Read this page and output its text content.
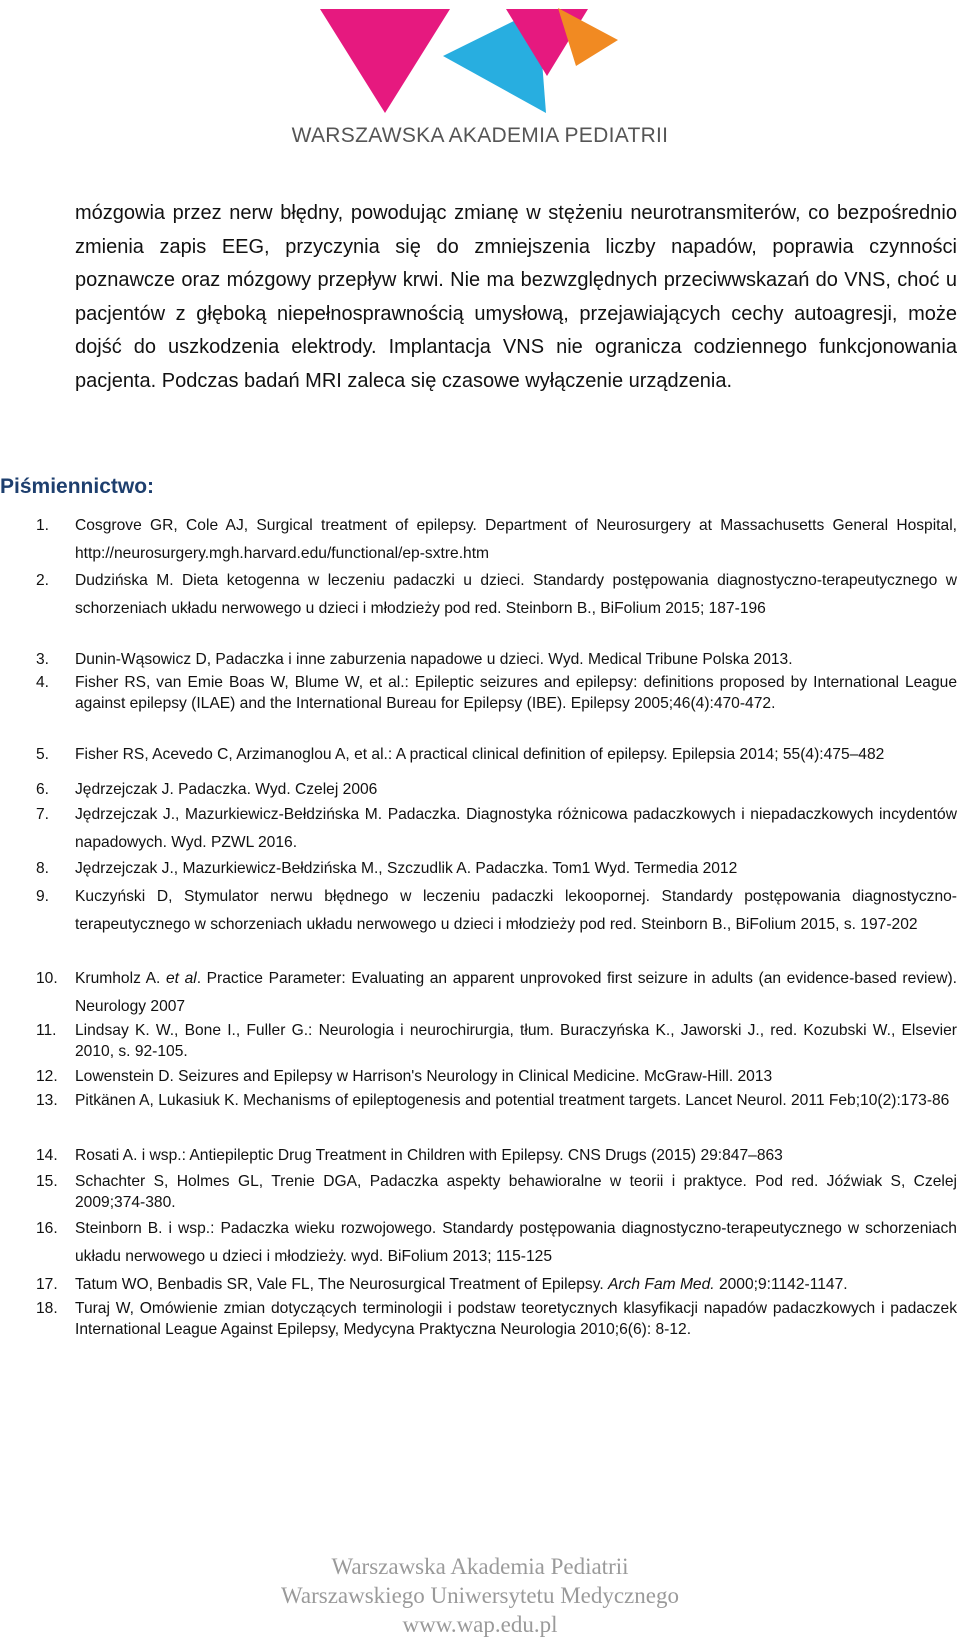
WARSZAWSKA AKADEMIA PEDIATRII

mózgowia przez nerw błędny, powodując zmianę w stężeniu neurotransmiterów, co bezpośrednio zmienia zapis EEG, przyczynia się do zmniejszenia liczby napadów, poprawia czynności poznawcze oraz mózgowy przepływ krwi. Nie ma bezwzględnych przeciwwskazań do VNS, choć u pacjentów z głęboką niepełnosprawnością umysłową, przejawiających cechy autoagresji, może dojść do uszkodzenia elektrody. Implantacja VNS nie ogranicza codziennego funkcjonowania pacjenta. Podczas badań MRI zaleca się czasowe wyłączenie urządzenia.

Piśmiennictwo:
1.	Cosgrove GR, Cole AJ, Surgical treatment of epilepsy. Department of Neurosurgery at Massachusetts General Hospital, http://neurosurgery.mgh.harvard.edu/functional/ep-sxtre.htm
2.	Dudzińska M. Dieta ketogenna w leczeniu padaczki u dzieci. Standardy postępowania diagnostyczno-terapeutycznego w schorzeniach układu nerwowego u dzieci i młodzieży pod red. Steinborn B., BiFolium 2015; 187-196
3.	Dunin-Wąsowicz D, Padaczka i inne zaburzenia napadowe u dzieci. Wyd. Medical Tribune Polska 2013.
4.	Fisher RS, van Emie Boas W, Blume W, et al.: Epileptic seizures and epilepsy: definitions proposed by International League against epilepsy (ILAE) and the International Bureau for Epilepsy (IBE). Epilepsy 2005;46(4):470-472.
5.	Fisher RS, Acevedo C, Arzimanoglou A, et al.: A practical clinical definition of epilepsy. Epilepsia 2014; 55(4):475–482
6.	Jędrzejczak J. Padaczka. Wyd. Czelej 2006
7.	Jędrzejczak J., Mazurkiewicz-Bełdzińska M. Padaczka. Diagnostyka różnicowa padaczkowych i niepadaczkowych incydentów napadowych. Wyd. PZWL 2016.
8.	Jędrzejczak J., Mazurkiewicz-Bełdzińska M., Szczudlik A. Padaczka. Tom1 Wyd. Termedia 2012
9.	Kuczyński D, Stymulator nerwu błędnego w leczeniu padaczki lekoopornej. Standardy postępowania diagnostyczno-terapeutycznego w schorzeniach układu nerwowego u dzieci i młodzieży pod red. Steinborn B., BiFolium 2015, s. 197-202
10.	Krumholz A. et al. Practice Parameter: Evaluating an apparent unprovoked first seizure in adults (an evidence-based review). Neurology 2007
11.	Lindsay K. W., Bone I., Fuller G.: Neurologia i neurochirurgia, tłum. Buraczyńska K., Jaworski J., red. Kozubski W., Elsevier 2010, s. 92-105.
12.	Lowenstein D. Seizures and Epilepsy w Harrison's Neurology in Clinical Medicine. McGraw-Hill. 2013
13.	Pitkänen A, Lukasiuk K. Mechanisms of epileptogenesis and potential treatment targets. Lancet Neurol. 2011 Feb;10(2):173-86
14.	Rosati A. i wsp.: Antiepileptic Drug Treatment in Children with Epilepsy. CNS Drugs (2015) 29:847–863
15.	Schachter S, Holmes GL, Trenie DGA, Padaczka aspekty behawioralne w teorii i praktyce. Pod red. Jóźwiak S, Czelej 2009;374-380.
16.	Steinborn B. i wsp.: Padaczka wieku rozwojowego. Standardy postępowania diagnostyczno-terapeutycznego w schorzeniach układu nerwowego u dzieci i młodzieży. wyd. BiFolium 2013; 115-125
17.	Tatum WO, Benbadis SR, Vale FL, The Neurosurgical Treatment of Epilepsy. Arch Fam Med. 2000;9:1142-1147.
18.	Turaj W, Omówienie zmian dotyczących terminologii i podstaw teoretycznych klasyfikacji napadów padaczkowych i padaczek International League Against Epilepsy, Medycyna Praktyczna Neurologia 2010;6(6): 8-12.
Warszawska Akademia Pediatrii
Warszawskiego Uniwersytetu Medycznego
www.wap.edu.pl
